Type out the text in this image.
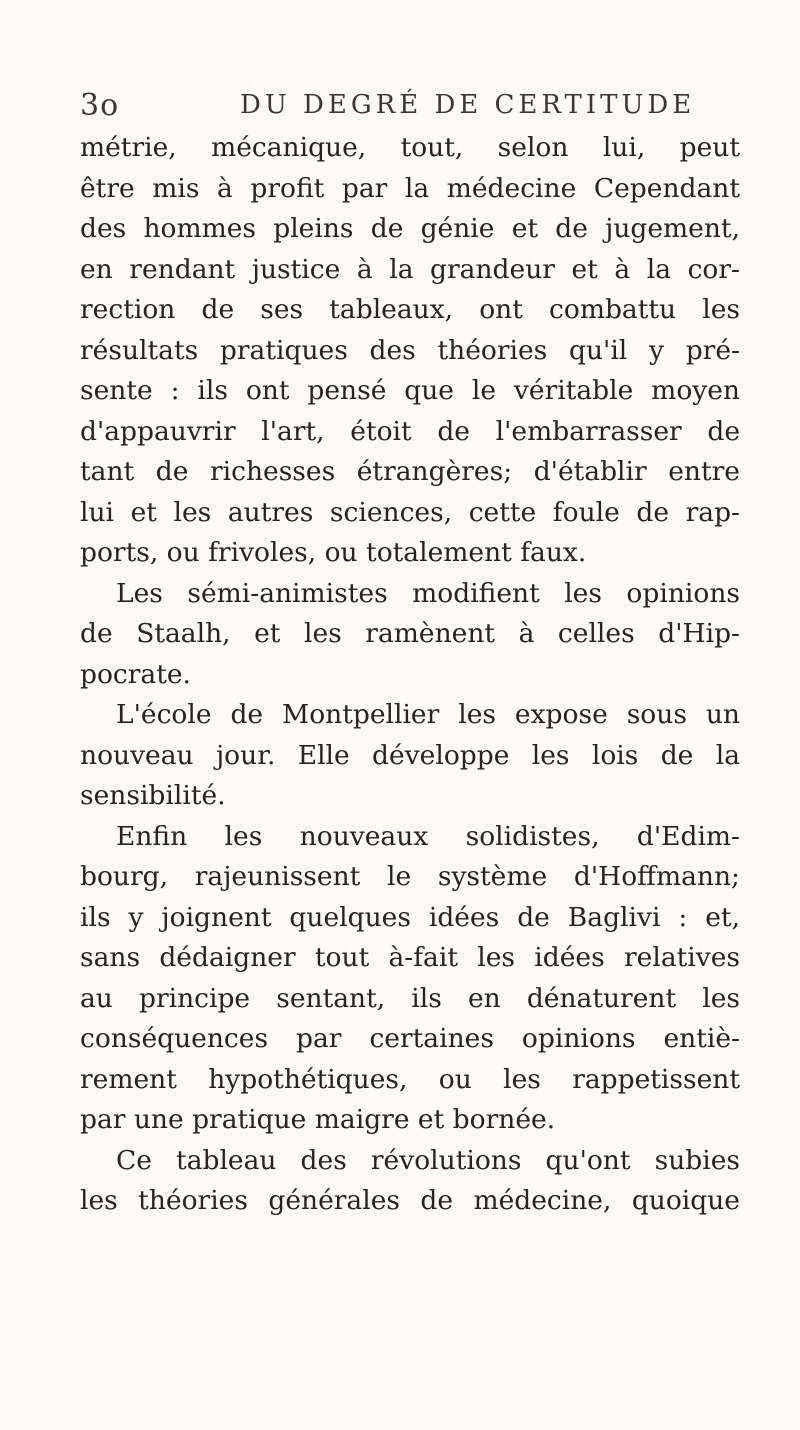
3o	DU DEGRÉ DE CERTITUDE
métrie, mécanique, tout, selon lui, peut
être mis à profit par la médecine Cependant
des hommes pleins de génie et de jugement,
en rendant justice à la grandeur et à la cor-
rection de ses tableaux, ont combattu les
résultats pratiques des théories qu'il y pré-
sente : ils ont pensé que le véritable moyen
d'appauvrir l'art, étoit de l'embarrasser de
tant de richesses étrangères; d'établir entre
lui et les autres sciences, cette foule de rap-
ports, ou frivoles, ou totalement faux.
Les sémi-animistes modifient les opinions
de Staalh, et les ramènent à celles d'Hip-
pocrate.
L'école de Montpellier les expose sous un
nouveau jour. Elle développe les lois de la
sensibilité.
Enfin les nouveaux solidistes, d'Edim-
bourg, rajeunissent le système d'Hoffmann;
ils y joignent quelques idées de Baglivi : et,
sans dédaigner tout à-fait les idées relatives
au principe sentant, ils en dénaturent les
conséquences par certaines opinions entiè-
rement hypothétiques, ou les rappetissent
par une pratique maigre et bornée.
Ce tableau des révolutions qu'ont subies
les théories générales de médecine, quoique
